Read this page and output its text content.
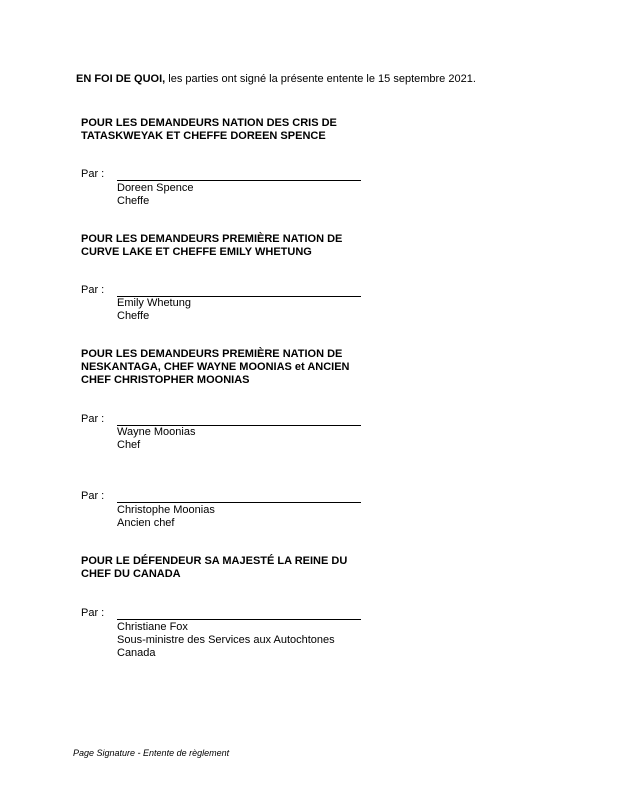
EN FOI DE QUOI, les parties ont signé la présente entente le 15 septembre 2021.
POUR LES DEMANDEURS NATION DES CRIS DE
TATASKWEYAK ET CHEFFE DOREEN SPENCE
Par :
Doreen Spence
Cheffe
POUR LES DEMANDEURS PREMIÈRE NATION DE
CURVE LAKE ET CHEFFE EMILY WHETUNG
Par :
Emily Whetung
Cheffe
POUR LES DEMANDEURS PREMIÈRE NATION DE
NESKANTAGA, CHEF WAYNE MOONIAS et ANCIEN
CHEF CHRISTOPHER MOONIAS
Par :
Wayne Moonias
Chef
Par :
Christophe Moonias
Ancien chef
POUR LE DÉFENDEUR SA MAJESTÉ LA REINE DU
CHEF DU CANADA
Par :
Christiane Fox
Sous-ministre des Services aux Autochtones
Canada
Page Signature - Entente de règlement
